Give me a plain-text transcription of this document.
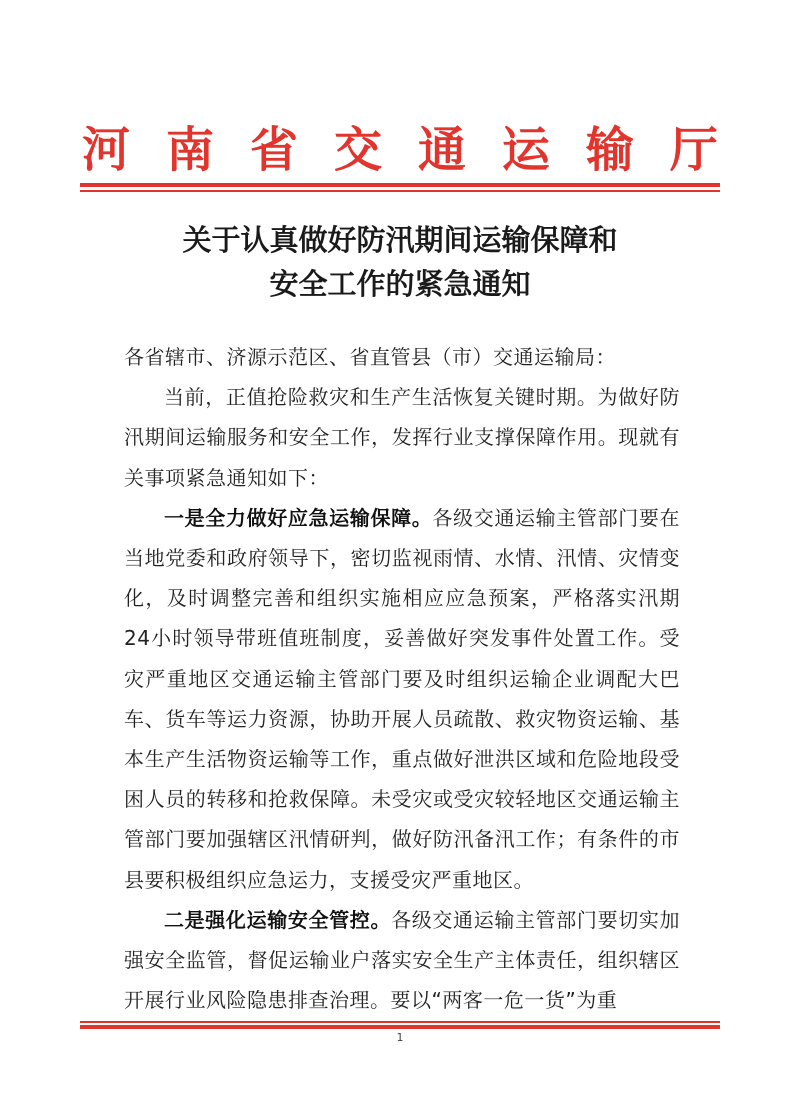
河 南 省 交 通 运 输 厅
关于认真做好防汛期间运输保障和
安全工作的紧急通知

各省辖市、济源示范区、省直管县（市）交通运输局：

当前，正值抢险救灾和生产生活恢复关键时期。为做好防汛期间运输服务和安全工作，发挥行业支撑保障作用。现就有关事项紧急通知如下：

一是全力做好应急运输保障。各级交通运输主管部门要在当地党委和政府领导下，密切监视雨情、水情、汛情、灾情变化，及时调整完善和组织实施相应应急预案，严格落实汛期24小时领导带班值班制度，妥善做好突发事件处置工作。受灾严重地区交通运输主管部门要及时组织运输企业调配大巴车、货车等运力资源，协助开展人员疏散、救灾物资运输、基本生产生活物资运输等工作，重点做好泄洪区域和危险地段受困人员的转移和抢救保障。未受灾或受灾较轻地区交通运输主管部门要加强辖区汛情研判，做好防汛备汛工作；有条件的市县要积极组织应急运力，支援受灾严重地区。

二是强化运输安全管控。各级交通运输主管部门要切实加强安全监管，督促运输业户落实安全生产主体责任，组织辖区开展行业风险隐患排查治理。要以“两客一危一货”为重

1
